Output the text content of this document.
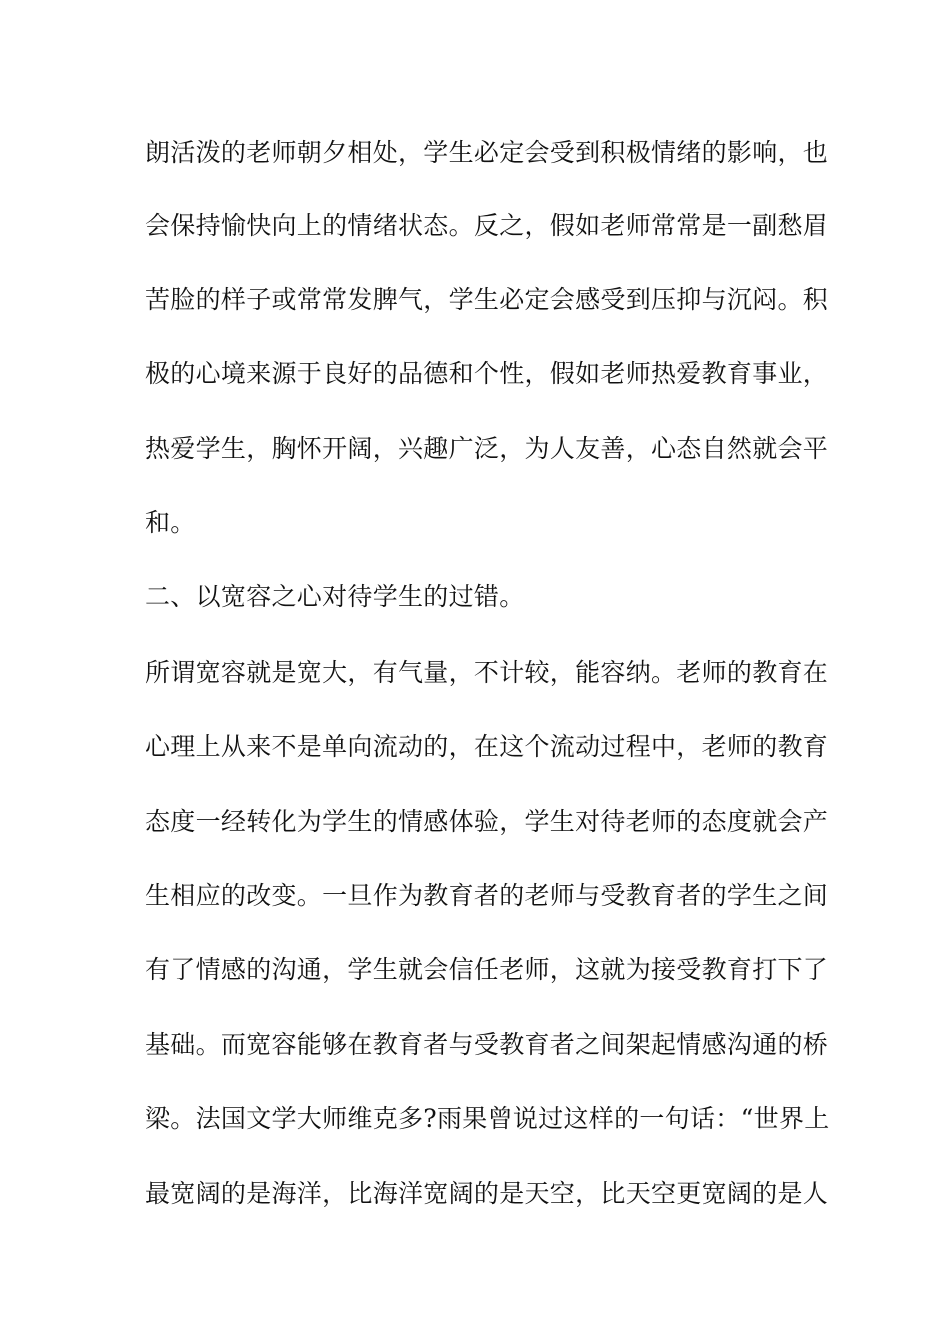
朗活泼的老师朝夕相处，学生必定会受到积极情绪的影响，也
会保持愉快向上的情绪状态。反之，假如老师常常是一副愁眉
苦脸的样子或常常发脾气，学生必定会感受到压抑与沉闷。积
极的心境来源于良好的品德和个性，假如老师热爱教育事业，
热爱学生，胸怀开阔，兴趣广泛，为人友善，心态自然就会平
和。
二、以宽容之心对待学生的过错。
所谓宽容就是宽大，有气量，不计较，能容纳。老师的教育在
心理上从来不是单向流动的，在这个流动过程中，老师的教育
态度一经转化为学生的情感体验，学生对待老师的态度就会产
生相应的改变。一旦作为教育者的老师与受教育者的学生之间
有了情感的沟通，学生就会信任老师，这就为接受教育打下了
基础。而宽容能够在教育者与受教育者之间架起情感沟通的桥
梁。法国文学大师维克多?雨果曾说过这样的一句话：“世界上
最宽阔的是海洋，比海洋宽阔的是天空，比天空更宽阔的是人
